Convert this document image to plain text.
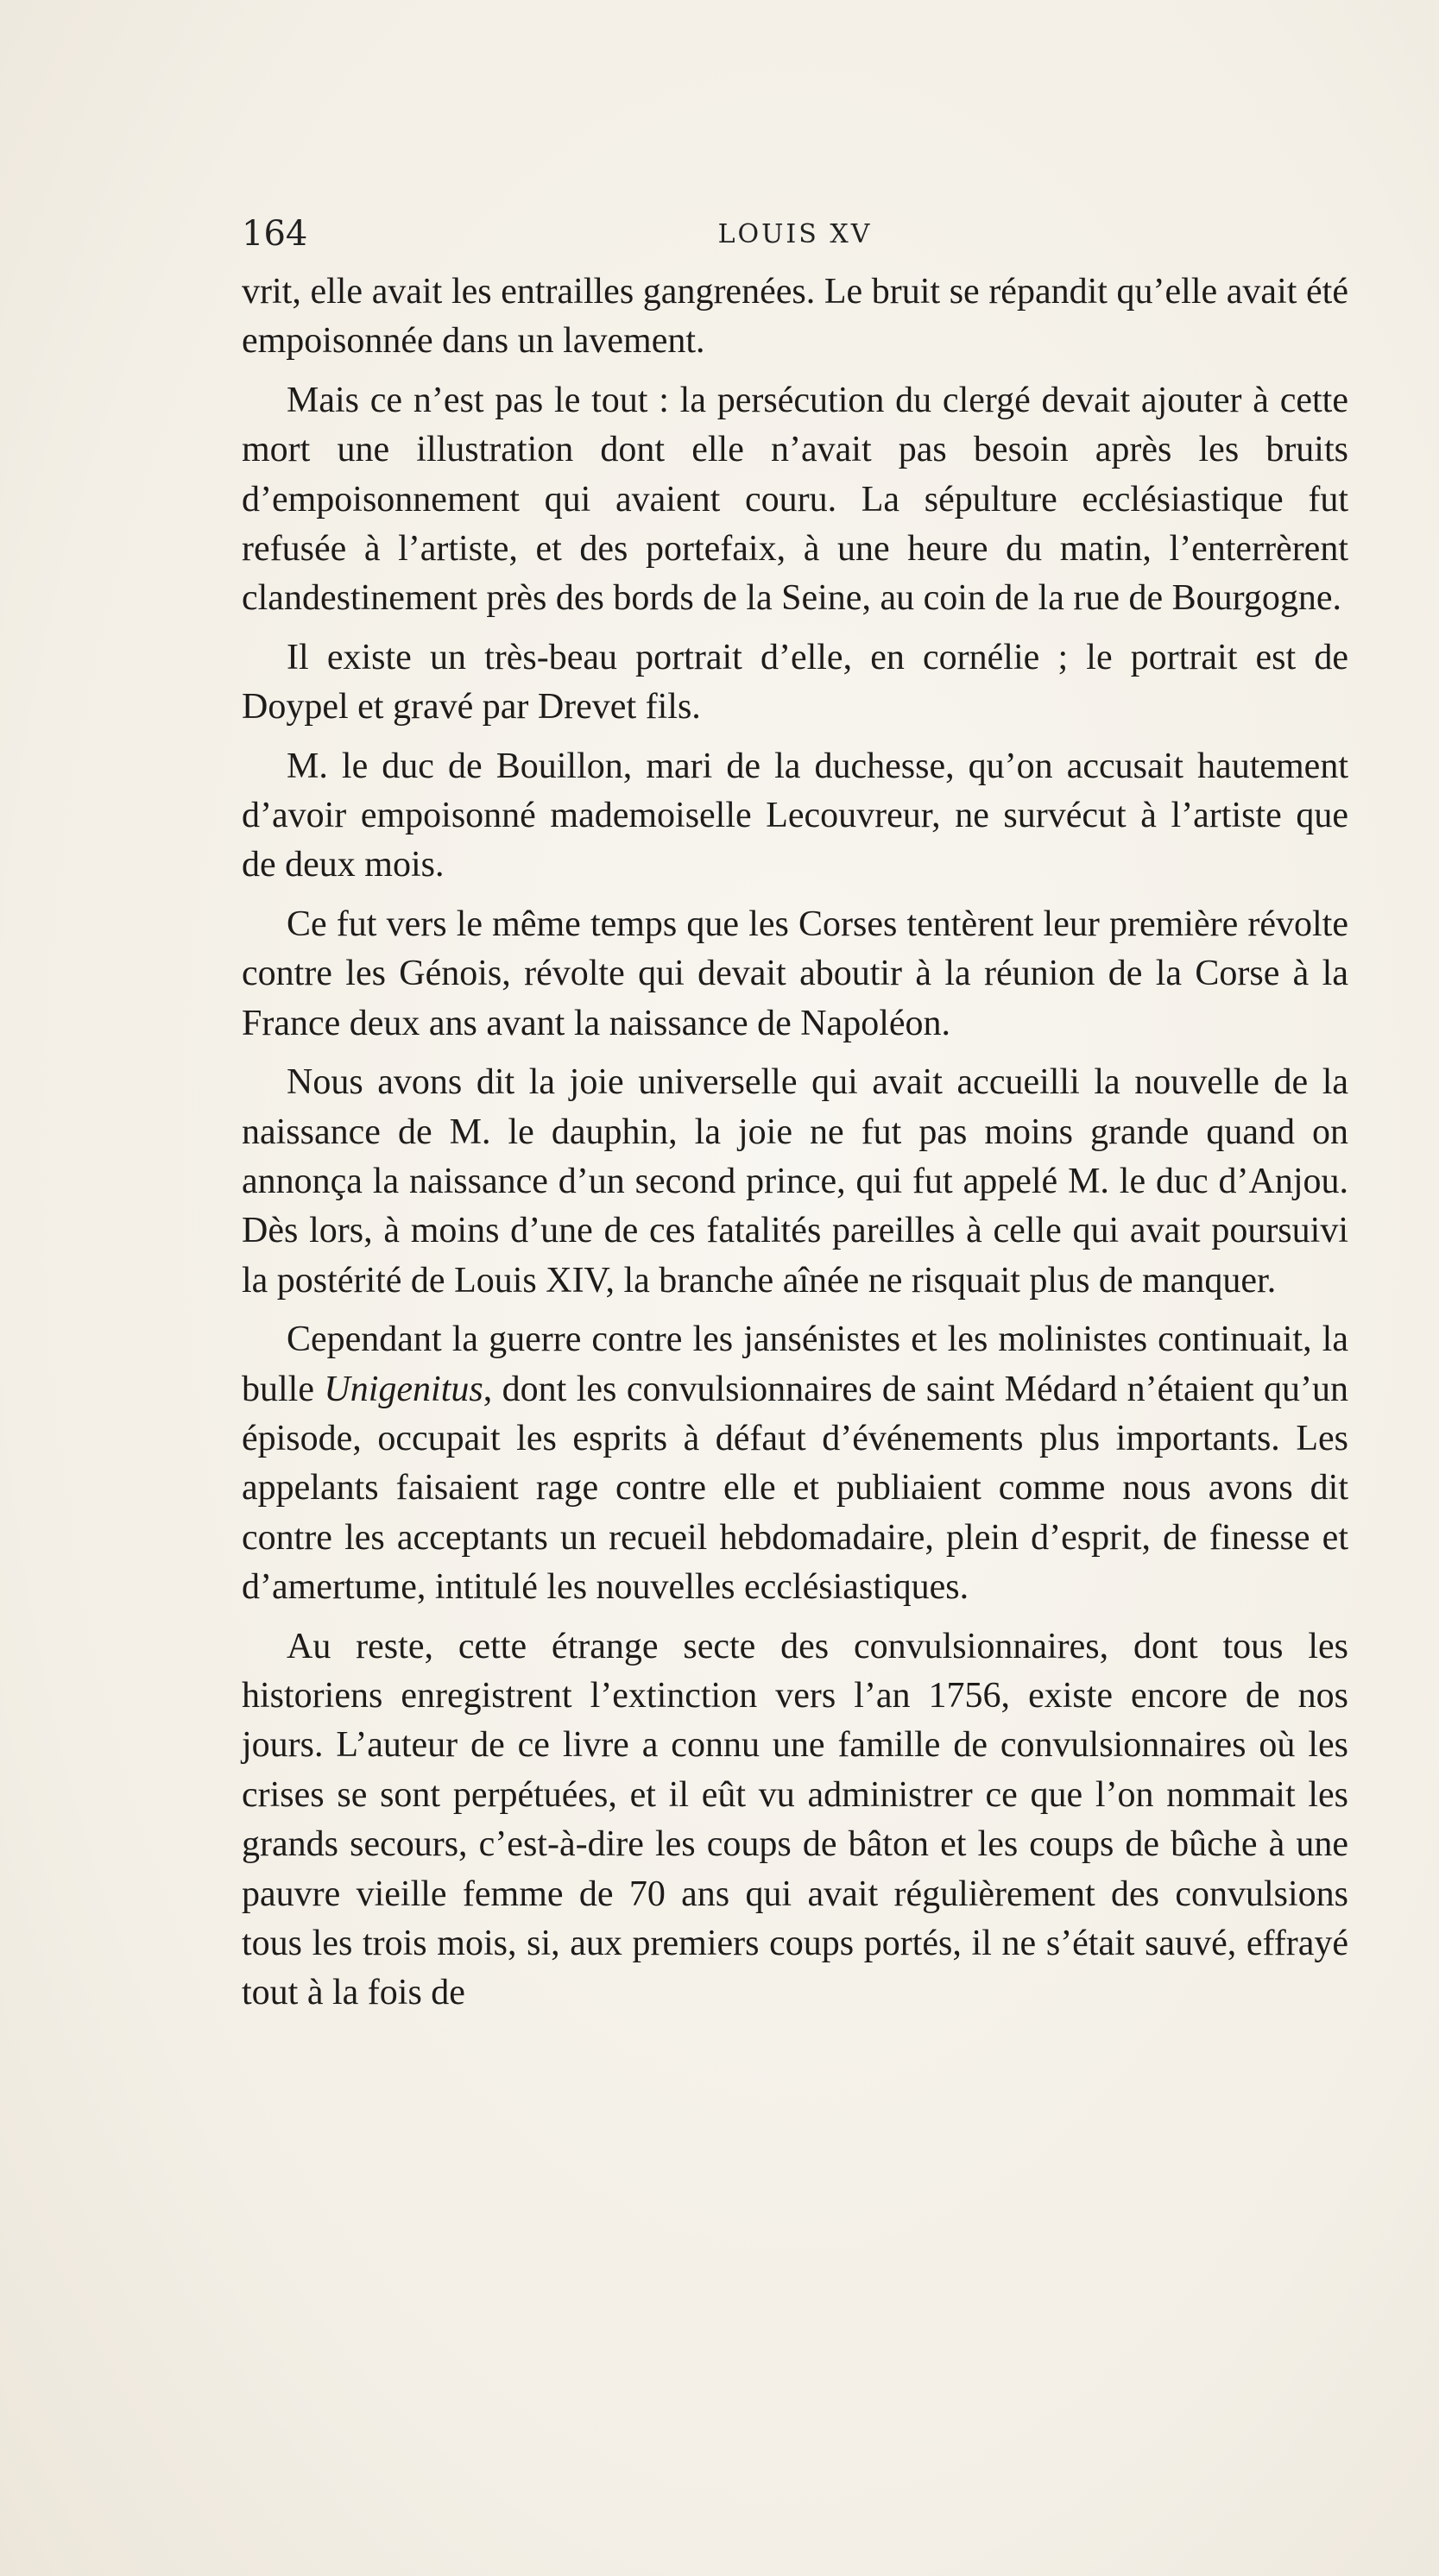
164	LOUIS XV

vrit, elle avait les entrailles gangrenées. Le bruit se répandit qu’elle avait été empoisonnée dans un lavement.

Mais ce n’est pas le tout : la persécution du clergé devait ajouter à cette mort une illustration dont elle n’avait pas besoin après les bruits d’empoisonnement qui avaient couru. La sépulture ecclésiastique fut refusée à l’artiste, et des portefaix, à une heure du matin, l’enterrèrent clandestinement près des bords de la Seine, au coin de la rue de Bourgogne.

Il existe un très-beau portrait d’elle, en cornélie ; le portrait est de Doypel et gravé par Drevet fils.

M. le duc de Bouillon, mari de la duchesse, qu’on accusait hautement d’avoir empoisonné mademoiselle Lecouvreur, ne survécut à l’artiste que de deux mois.

Ce fut vers le même temps que les Corses tentèrent leur première révolte contre les Génois, révolte qui devait aboutir à la réunion de la Corse à la France deux ans avant la naissance de Napoléon.

Nous avons dit la joie universelle qui avait accueilli la nouvelle de la naissance de M. le dauphin, la joie ne fut pas moins grande quand on annonça la naissance d’un second prince, qui fut appelé M. le duc d’Anjou. Dès lors, à moins d’une de ces fatalités pareilles à celle qui avait poursuivi la postérité de Louis XIV, la branche aînée ne risquait plus de manquer.

Cependant la guerre contre les jansénistes et les molinistes continuait, la bulle Unigenitus, dont les convulsionnaires de saint Médard n’étaient qu’un épisode, occupait les esprits à défaut d’événements plus importants. Les appelants faisaient rage contre elle et publiaient comme nous avons dit contre les acceptants un recueil hebdomadaire, plein d’esprit, de finesse et d’amertume, intitulé les nouvelles ecclésiastiques.

Au reste, cette étrange secte des convulsionnaires, dont tous les historiens enregistrent l’extinction vers l’an 1756, existe encore de nos jours. L’auteur de ce livre a connu une famille de convulsionnaires où les crises se sont perpétuées, et il eût vu administrer ce que l’on nommait les grands secours, c’est-à-dire les coups de bâton et les coups de bûche à une pauvre vieille femme de 70 ans qui avait régulièrement des convulsions tous les trois mois, si, aux premiers coups portés, il ne s’était sauvé, effrayé tout à la fois de
